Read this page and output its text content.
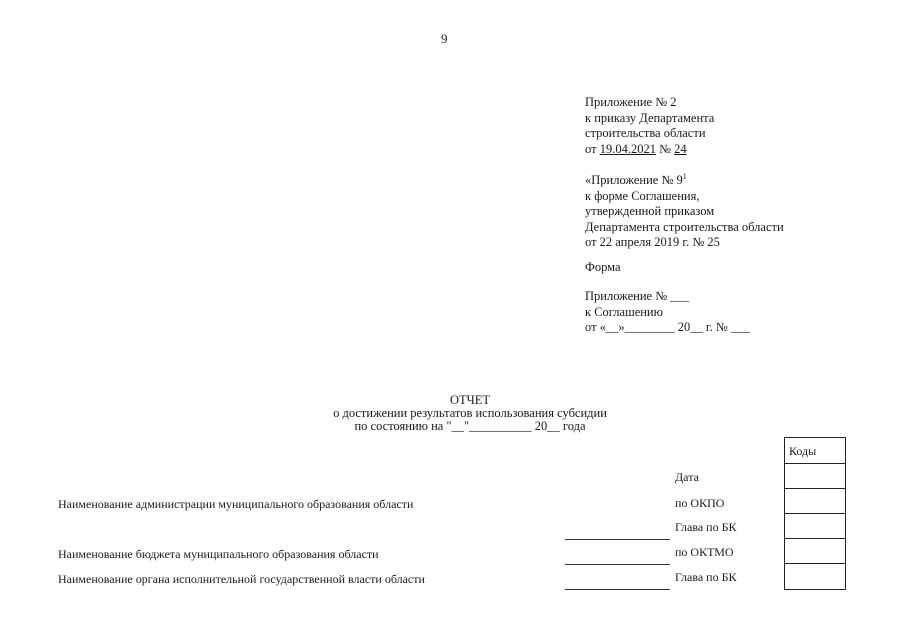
9
Приложение № 2
к приказу Департамента
строительства области
от 19.04.2021 № 24
«Приложение № $9^1$
к форме Соглашения,
утвержденной приказом
Департамента строительства области
от 22 апреля 2019 г. № 25
Форма
Приложение № ___
к Соглашению
от «__»________ 20__ г. № ___
ОТЧЕТ
о достижении результатов использования субсидии
по состоянию на "__"__________ 20__ года
Коды
Дата
Наименование администрации муниципального образования области	по ОКПО
Глава по БК
Наименование бюджета муниципального образования области	по ОКТМО
Наименование органа исполнительной государственной власти области	Глава по БК
